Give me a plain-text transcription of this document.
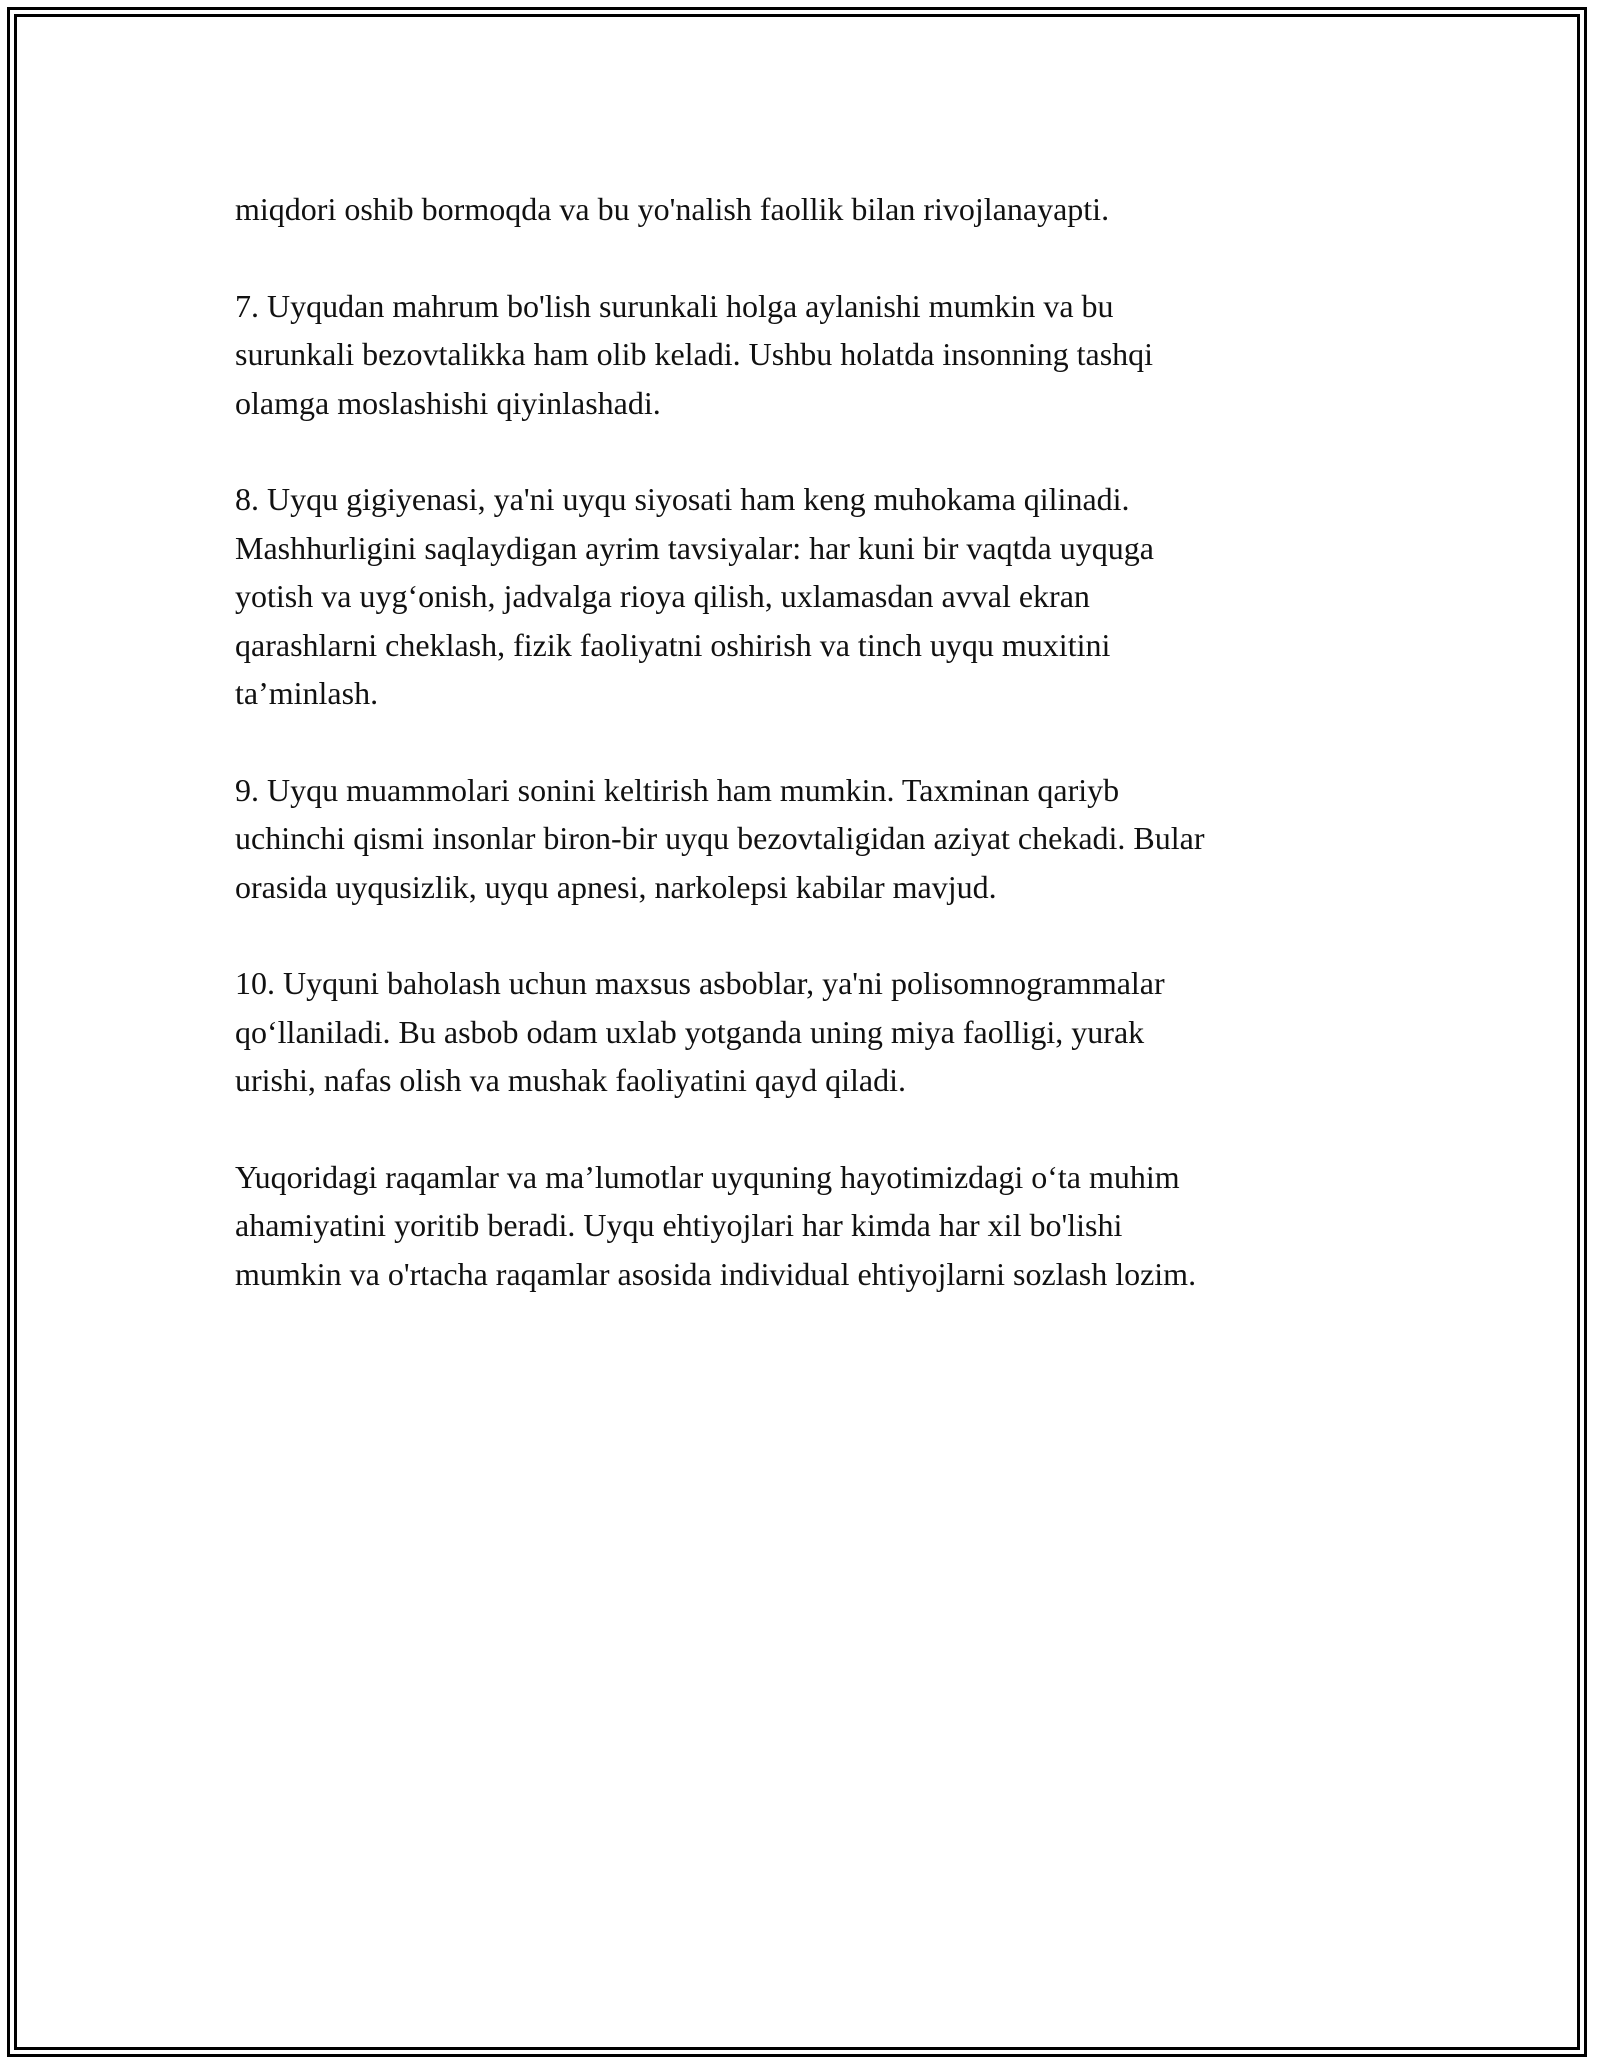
miqdori oshib bormoqda va bu yo'nalish faollik bilan rivojlanayapti.

7. Uyqudan mahrum bo'lish surunkali holga aylanishi mumkin va bu
surunkali bezovtalikka ham olib keladi. Ushbu holatda insonning tashqi
olamga moslashishi qiyinlashadi.

8. Uyqu gigiyenasi, ya'ni uyqu siyosati ham keng muhokama qilinadi.
Mashhurligini saqlaydigan ayrim tavsiyalar: har kuni bir vaqtda uyquga
yotish va uyg‘onish, jadvalga rioya qilish, uxlamasdan avval ekran
qarashlarni cheklash, fizik faoliyatni oshirish va tinch uyqu muxitini
ta’minlash.

9. Uyqu muammolari sonini keltirish ham mumkin. Taxminan qariyb
uchinchi qismi insonlar biron-bir uyqu bezovtaligidan aziyat chekadi. Bular
orasida uyqusizlik, uyqu apnesi, narkolepsi kabilar mavjud.

10. Uyquni baholash uchun maxsus asboblar, ya'ni polisomnogrammalar
qo‘llaniladi. Bu asbob odam uxlab yotganda uning miya faolligi, yurak
urishi, nafas olish va mushak faoliyatini qayd qiladi.

Yuqoridagi raqamlar va ma’lumotlar uyquning hayotimizdagi o‘ta muhim
ahamiyatini yoritib beradi. Uyqu ehtiyojlari har kimda har xil bo'lishi
mumkin va o'rtacha raqamlar asosida individual ehtiyojlarni sozlash lozim.
